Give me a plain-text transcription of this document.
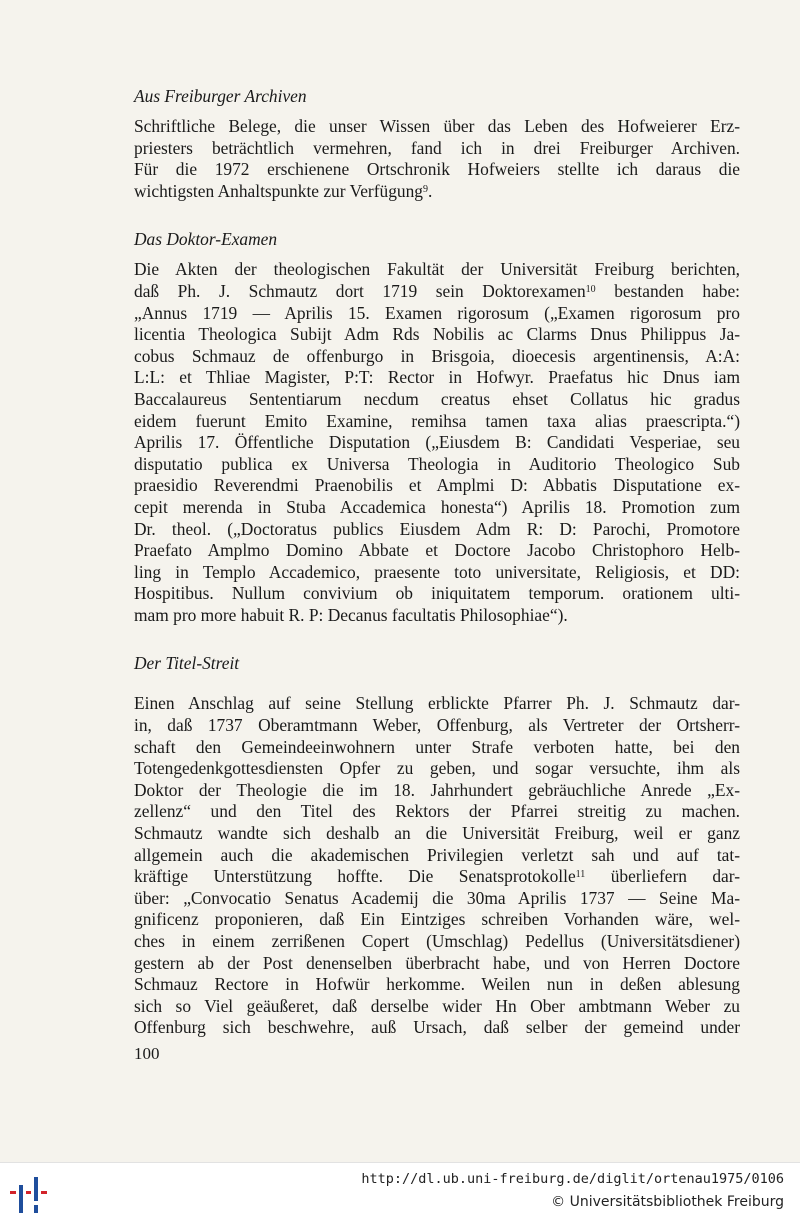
Aus Freiburger Archiven

Schriftliche Belege, die unser Wissen über das Leben des Hofweierer Erz-
priesters beträchtlich vermehren, fand ich in drei Freiburger Archiven.
Für die 1972 erschienene Ortschronik Hofweiers stellte ich daraus die
wichtigsten Anhaltspunkte zur Verfügung$^9$.

Das Doktor-Examen

Die Akten der theologischen Fakultät der Universität Freiburg berichten,
daß Ph. J. Schmautz dort 1719 sein Doktorexamen$^{10}$ bestanden habe:
„Annus 1719 — Aprilis 15. Examen rigorosum („Examen rigorosum pro
licentia Theologica Subijt Adm Rds Nobilis ac Clarms Dnus Philippus Ja-
cobus Schmauz de offenburgo in Brisgoia, dioecesis argentinensis, A:A:
L:L: et Thliae Magister, P:T: Rector in Hofwyr. Praefatus hic Dnus iam
Baccalaureus Sententiarum necdum creatus ehset Collatus hic gradus
eidem fuerunt Emito Examine, remihsa tamen taxa alias praescripta.“)
Aprilis 17. Öffentliche Disputation („Eiusdem B: Candidati Vesperiae, seu
disputatio publica ex Universa Theologia in Auditorio Theologico Sub
praesidio Reverendmi Praenobilis et Amplmi D: Abbatis Disputatione ex-
cepit merenda in Stuba Accademica honesta“) Aprilis 18. Promotion zum
Dr. theol. („Doctoratus publics Eiusdem Adm R: D: Parochi, Promotore
Praefato Amplmo Domino Abbate et Doctore Jacobo Christophoro Helb-
ling in Templo Accademico, praesente toto universitate, Religiosis, et DD:
Hospitibus. Nullum convivium ob iniquitatem temporum. orationem ulti-
mam pro more habuit R. P: Decanus facultatis Philosophiae“).

Der Titel-Streit

Einen Anschlag auf seine Stellung erblickte Pfarrer Ph. J. Schmautz dar-
in, daß 1737 Oberamtmann Weber, Offenburg, als Vertreter der Ortsherr-
schaft den Gemeindeeinwohnern unter Strafe verboten hatte, bei den
Totengedenkgottesdiensten Opfer zu geben, und sogar versuchte, ihm als
Doktor der Theologie die im 18. Jahrhundert gebräuchliche Anrede „Ex-
zellenz“ und den Titel des Rektors der Pfarrei streitig zu machen.
Schmautz wandte sich deshalb an die Universität Freiburg, weil er ganz
allgemein auch die akademischen Privilegien verletzt sah und auf tat-
kräftige Unterstützung hoffte. Die Senatsprotokolle$^{11}$ überliefern dar-
über: „Convocatio Senatus Academij die 30ma Aprilis 1737 — Seine Ma-
gnificenz proponieren, daß Ein Eintziges schreiben Vorhanden wäre, wel-
ches in einem zerrißenen Copert (Umschlag) Pedellus (Universitätsdiener)
gestern ab der Post denenselben überbracht habe, und von Herren Doctore
Schmauz Rectore in Hofwür herkomme. Weilen nun in deßen ablesung
sich so Viel geäußeret, daß derselbe wider Hn Ober ambtmann Weber zu
Offenburg sich beschwehre, auß Ursach, daß selber der gemeind under
100
http://dl.ub.uni-freiburg.de/diglit/ortenau1975/0106
© Universitätsbibliothek Freiburg
